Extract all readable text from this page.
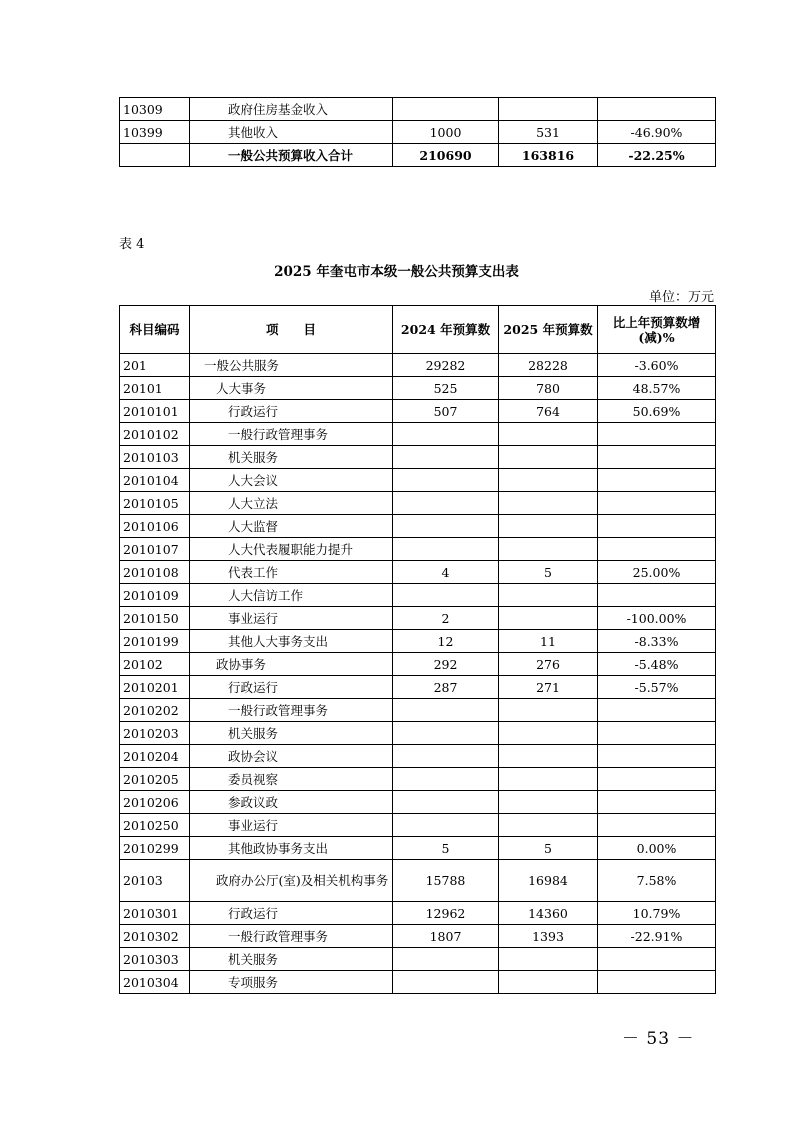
10309	政府住房基金收入			
10399	其他收入	1000	531	-46.90%
	一般公共预算收入合计	210690	163816	-22.25%
表 4
2025 年奎屯市本级一般公共预算支出表
单位：万元
科目编码	项　　目	2024 年预算数	2025 年预算数	比上年预算数增(减)%
201	一般公共服务	29282	28228	-3.60%
20101	人大事务	525	780	48.57%
2010101	行政运行	507	764	50.69%
2010102	一般行政管理事务			
2010103	机关服务			
2010104	人大会议			
2010105	人大立法			
2010106	人大监督			
2010107	人大代表履职能力提升			
2010108	代表工作	4	5	25.00%
2010109	人大信访工作			
2010150	事业运行	2		-100.00%
2010199	其他人大事务支出	12	11	-8.33%
20102	政协事务	292	276	-5.48%
2010201	行政运行	287	271	-5.57%
2010202	一般行政管理事务			
2010203	机关服务			
2010204	政协会议			
2010205	委员视察			
2010206	参政议政			
2010250	事业运行			
2010299	其他政协事务支出	5	5	0.00%
20103	政府办公厅(室)及相关机构事务	15788	16984	7.58%
2010301	行政运行	12962	14360	10.79%
2010302	一般行政管理事务	1807	1393	-22.91%
2010303	机关服务			
2010304	专项服务			
－ 53 －
